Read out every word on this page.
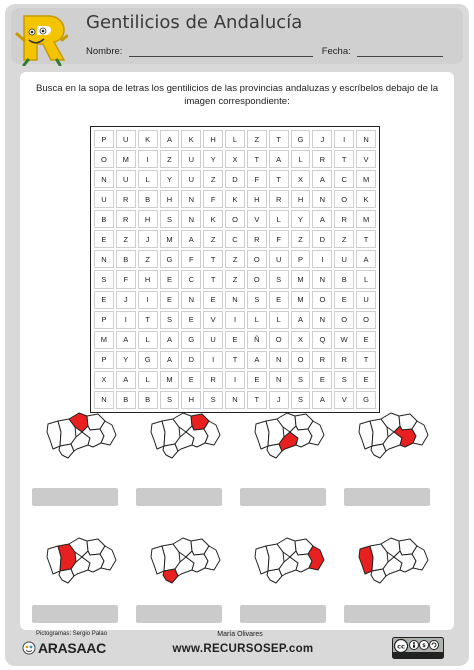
Gentilicios de Andalucía
Nombre:	Fecha:

Busca en la sopa de letras los gentilicios de las provincias andaluzas y escríbelos debajo de la imagen correspondiente:

P	U	K	A	K	H	L	Z	T	G	J	I	N
O	M	I	Z	U	Y	X	T	A	L	R	T	V
N	U	L	Y	U	Z	D	F	T	X	A	C	M
U	R	B	H	N	F	K	H	R	H	N	O	K
B	R	H	S	N	K	O	V	L	Y	A	R	M
E	Z	J	M	A	Z	C	R	F	Z	D	Z	T
N	B	Z	G	F	T	Z	O	U	P	I	U	A
S	F	H	E	C	T	Z	O	S	M	N	B	L
E	J	I	E	N	E	N	S	E	M	O	E	U
P	I	T	S	E	V	I	L	L	A	N	O	O
M	A	L	A	G	U	E	Ñ	O	X	Q	W	E
P	Y	G	A	D	I	T	A	N	O	R	R	T
X	A	L	M	E	R	I	E	N	S	E	S	E
N	B	B	S	H	S	N	T	J	S	A	V	G
Pictogramas: Sergio Palao
ARASAAC
María Olivares
www.RECURSOSEP.com	cc	$
